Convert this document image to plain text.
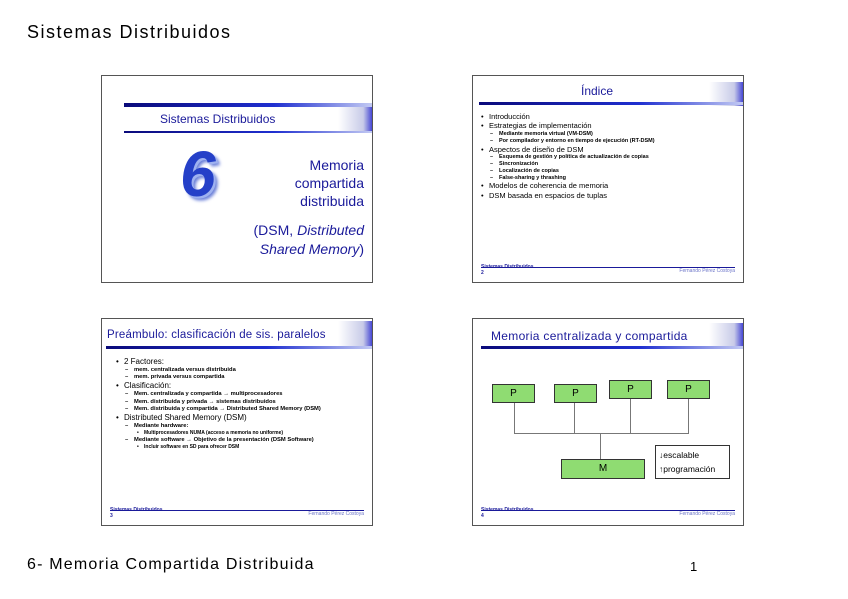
Sistemas Distribuidos
Sistemas Distribuidos
6	Memoria
compartida
distribuida
(DSM, Distributed
Shared Memory)
Índice
• Introducción
• Estrategias de implementación
– Mediante memoria virtual (VM-DSM)
– Por compilador y entorno en tiempo de ejecución (RT-DSM)
• Aspectos de diseño de DSM
– Esquema de gestión y política de actualización de copias
– Sincronización
– Localización de copias
– False-sharing y thrashing
• Modelos de coherencia de memoria
• DSM basada en espacios de tuplas
Sistemas Distribuidos
2	Fernando Pérez Costoya
Preámbulo: clasificación de sis. paralelos
• 2 Factores:
– mem. centralizada versus distribuida
– mem. privada versus compartida
• Clasificación:
– Mem. centralizada y compartida → multiprocesadores
– Mem. distribuida y privada → sistemas distribuidos
– Mem. distribuida y compartida → Distributed Shared Memory (DSM)
• Distributed Shared Memory (DSM)
– Mediante hardware:
• Multiprocesadores NUMA (acceso a memoria no uniforme)
– Mediante software → Objetivo de la presentación (DSM Software)
• Incluir software en SD para ofrecer DSM
Sistemas Distribuidos
3	Fernando Pérez Costoya
Memoria centralizada y compartida
P	P	P	P
M
↓escalable
↑programación
Sistemas Distribuidos
4	Fernando Pérez Costoya
6- Memoria Compartida Distribuida	1
